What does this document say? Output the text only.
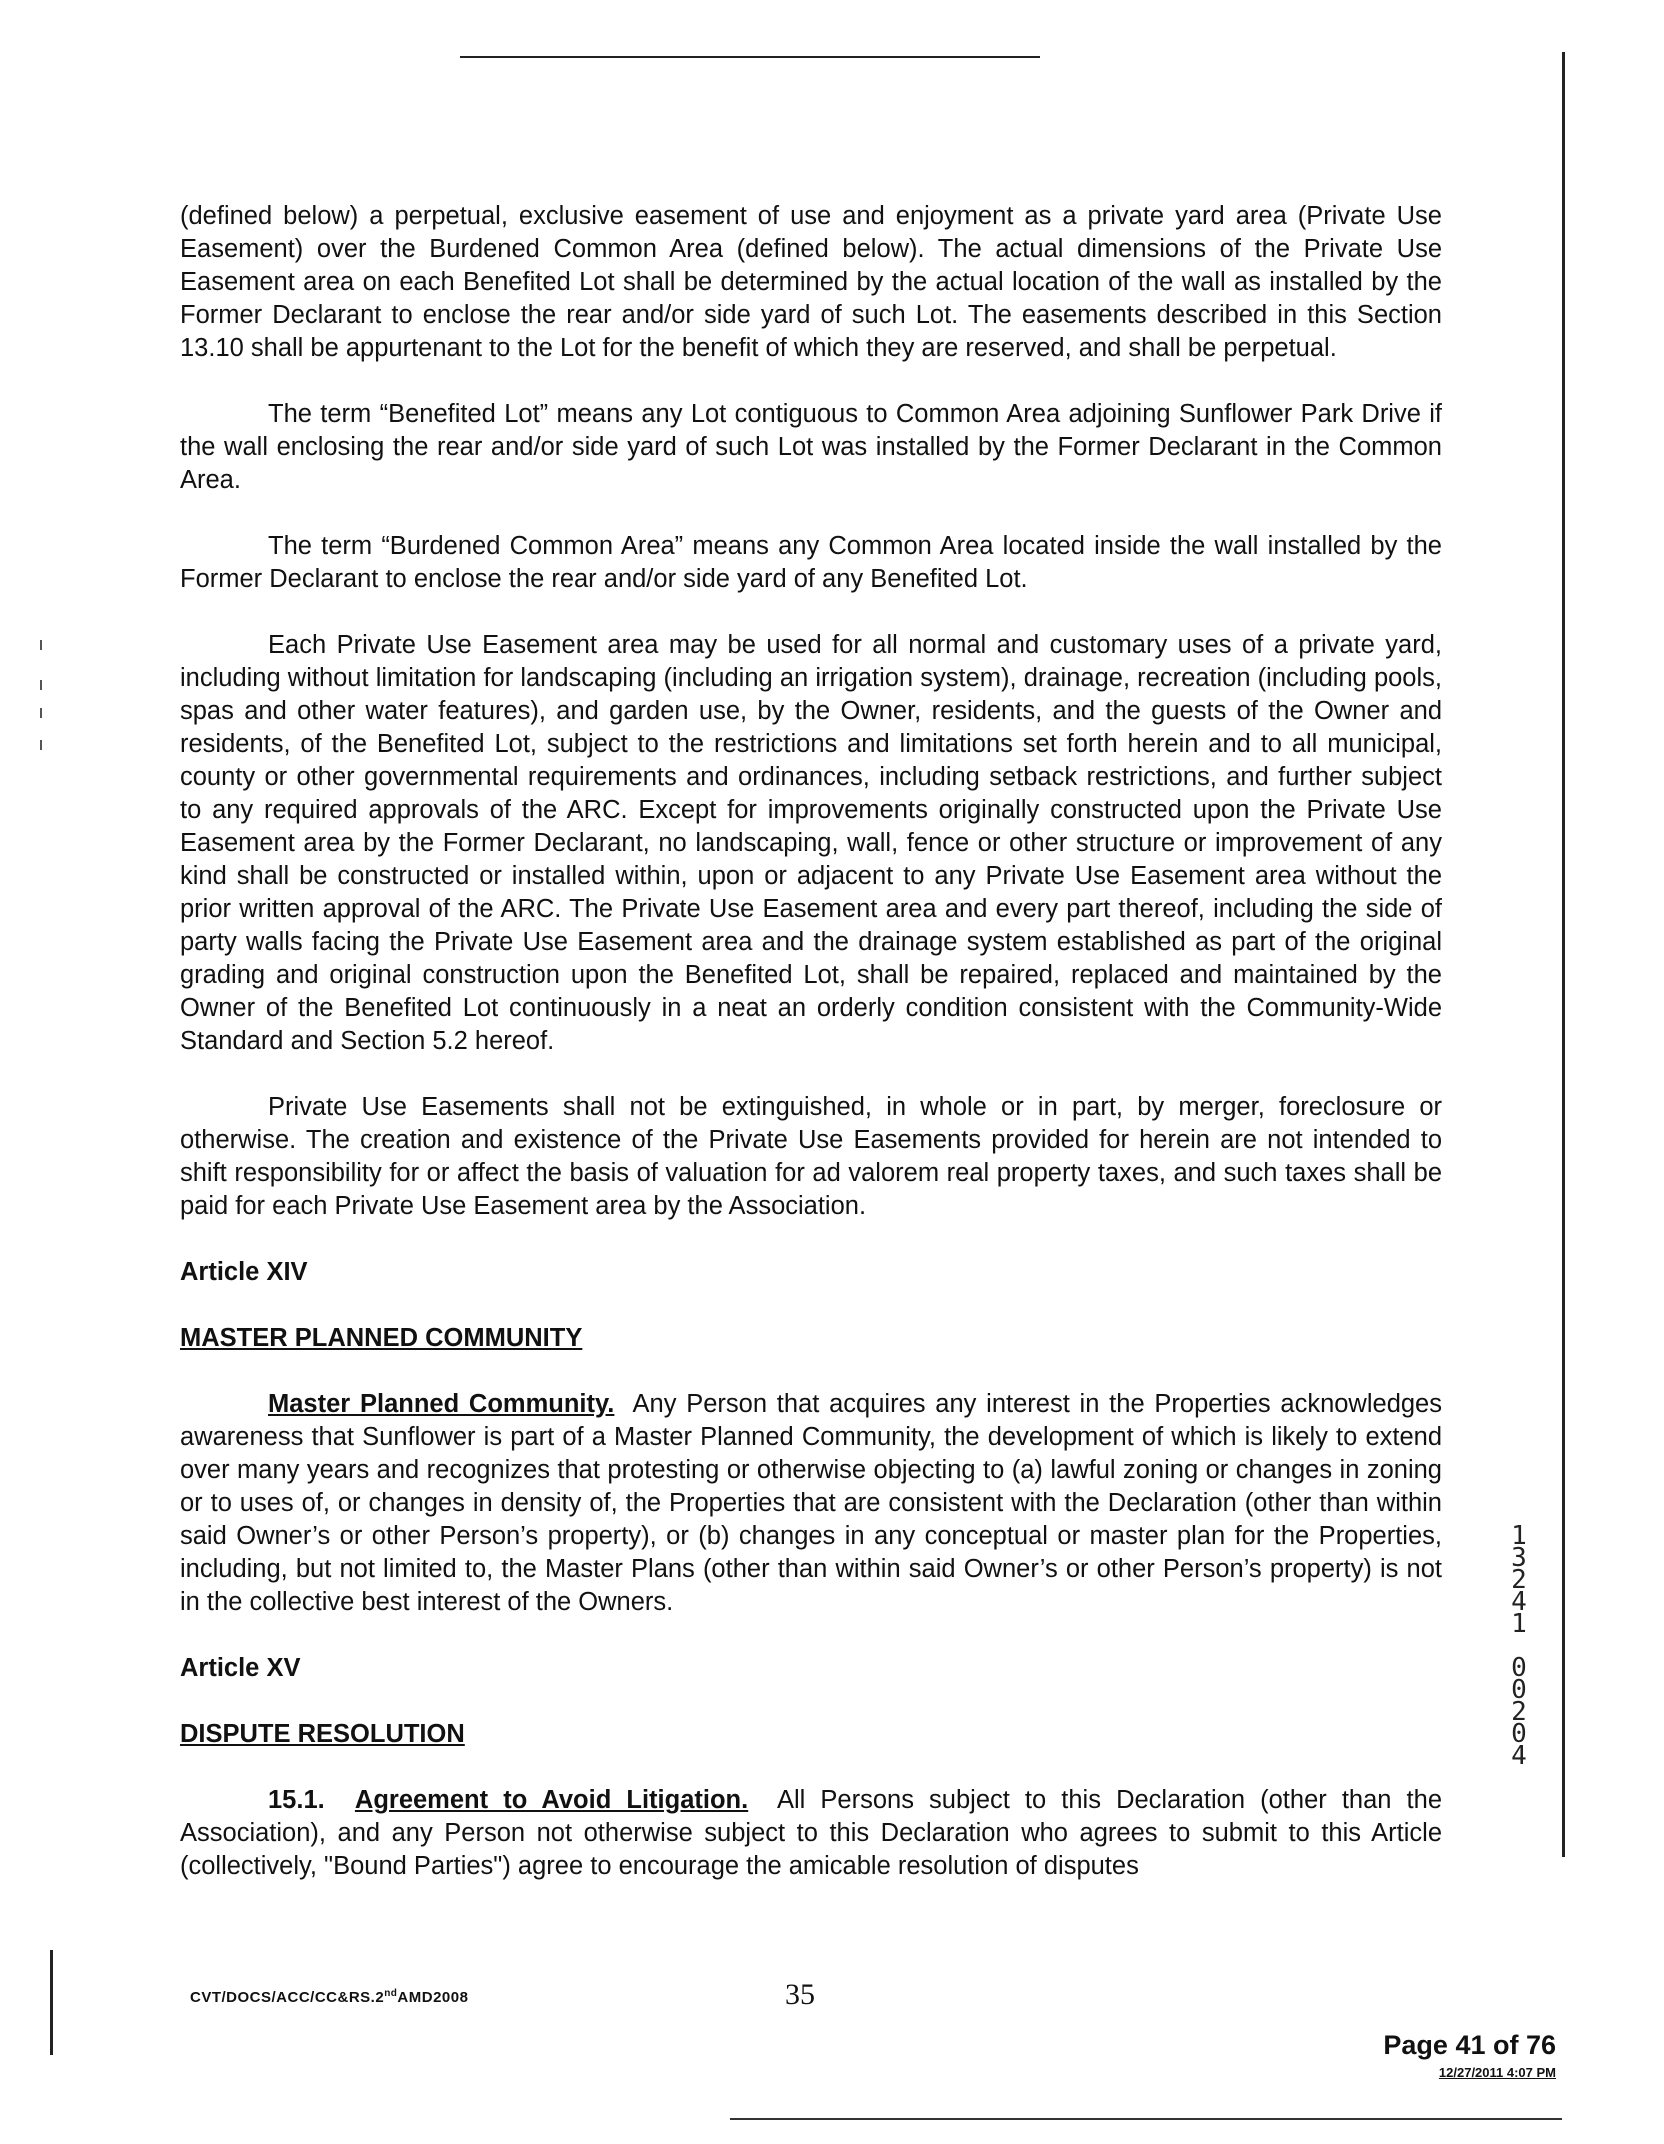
(defined below) a perpetual, exclusive easement of use and enjoyment as a private yard area (Private Use Easement) over the Burdened Common Area (defined below). The actual dimensions of the Private Use Easement area on each Benefited Lot shall be determined by the actual location of the wall as installed by the Former Declarant to enclose the rear and/or side yard of such Lot. The easements described in this Section 13.10 shall be appurtenant to the Lot for the benefit of which they are reserved, and shall be perpetual.

The term “Benefited Lot” means any Lot contiguous to Common Area adjoining Sunflower Park Drive if the wall enclosing the rear and/or side yard of such Lot was installed by the Former Declarant in the Common Area.

The term “Burdened Common Area” means any Common Area located inside the wall installed by the Former Declarant to enclose the rear and/or side yard of any Benefited Lot.

Each Private Use Easement area may be used for all normal and customary uses of a private yard, including without limitation for landscaping (including an irrigation system), drainage, recreation (including pools, spas and other water features), and garden use, by the Owner, residents, and the guests of the Owner and residents, of the Benefited Lot, subject to the restrictions and limitations set forth herein and to all municipal, county or other governmental requirements and ordinances, including setback restrictions, and further subject to any required approvals of the ARC. Except for improvements originally constructed upon the Private Use Easement area by the Former Declarant, no landscaping, wall, fence or other structure or improvement of any kind shall be constructed or installed within, upon or adjacent to any Private Use Easement area without the prior written approval of the ARC. The Private Use Easement area and every part thereof, including the side of party walls facing the Private Use Easement area and the drainage system established as part of the original grading and original construction upon the Benefited Lot, shall be repaired, replaced and maintained by the Owner of the Benefited Lot continuously in a neat an orderly condition consistent with the Community-Wide Standard and Section 5.2 hereof.

Private Use Easements shall not be extinguished, in whole or in part, by merger, foreclosure or otherwise. The creation and existence of the Private Use Easements provided for herein are not intended to shift responsibility for or affect the basis of valuation for ad valorem real property taxes, and such taxes shall be paid for each Private Use Easement area by the Association.

Article XIV

MASTER PLANNED COMMUNITY

Master Planned Community. Any Person that acquires any interest in the Properties acknowledges awareness that Sunflower is part of a Master Planned Community, the development of which is likely to extend over many years and recognizes that protesting or otherwise objecting to (a) lawful zoning or changes in zoning or to uses of, or changes in density of, the Properties that are consistent with the Declaration (other than within said Owner’s or other Person’s property), or (b) changes in any conceptual or master plan for the Properties, including, but not limited to, the Master Plans (other than within said Owner’s or other Person’s property) is not in the collective best interest of the Owners.

Article XV

DISPUTE RESOLUTION

15.1. Agreement to Avoid Litigation. All Persons subject to this Declaration (other than the Association), and any Person not otherwise subject to this Declaration who agrees to submit to this Article (collectively, "Bound Parties") agree to encourage the amicable resolution of disputes

1
3
2
4
1

0
0
2
0
4
CVT/DOCS/ACC/CC&RS.2ndAMD2008	35
Page 41 of 76
12/27/2011 4:07 PM
